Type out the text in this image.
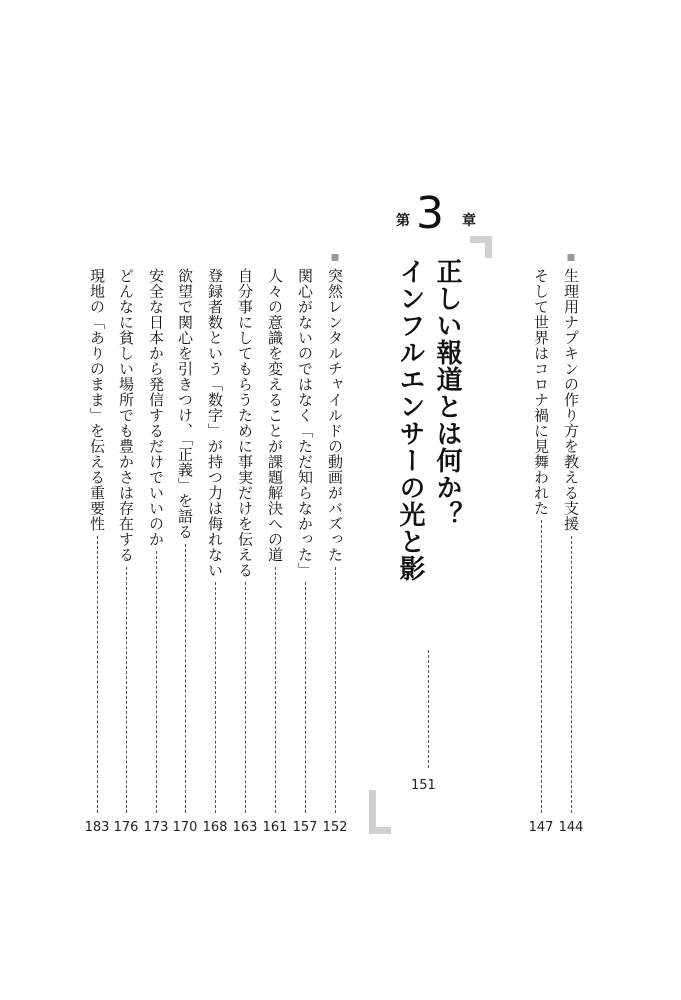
生理用ナプキンの作り方を教える支援
144
そして世界はコロナ禍に見舞われた
147
第 3 章
正しい報道とは何か？
インフルエンサーの光と影
151
突然レンタルチャイルドの動画がバズった
152
関心がないのではなく「ただ知らなかった」
157
人々の意識を変えることが課題解決への道
161
自分事にしてもらうために事実だけを伝える
163
登録者数という「数字」が持つ力は侮れない
168
欲望で関心を引きつけ、「正義」を語る
170
安全な日本から発信するだけでいいのか
173
どんなに貧しい場所でも豊かさは存在する
176
現地の「ありのまま」を伝える重要性
183
